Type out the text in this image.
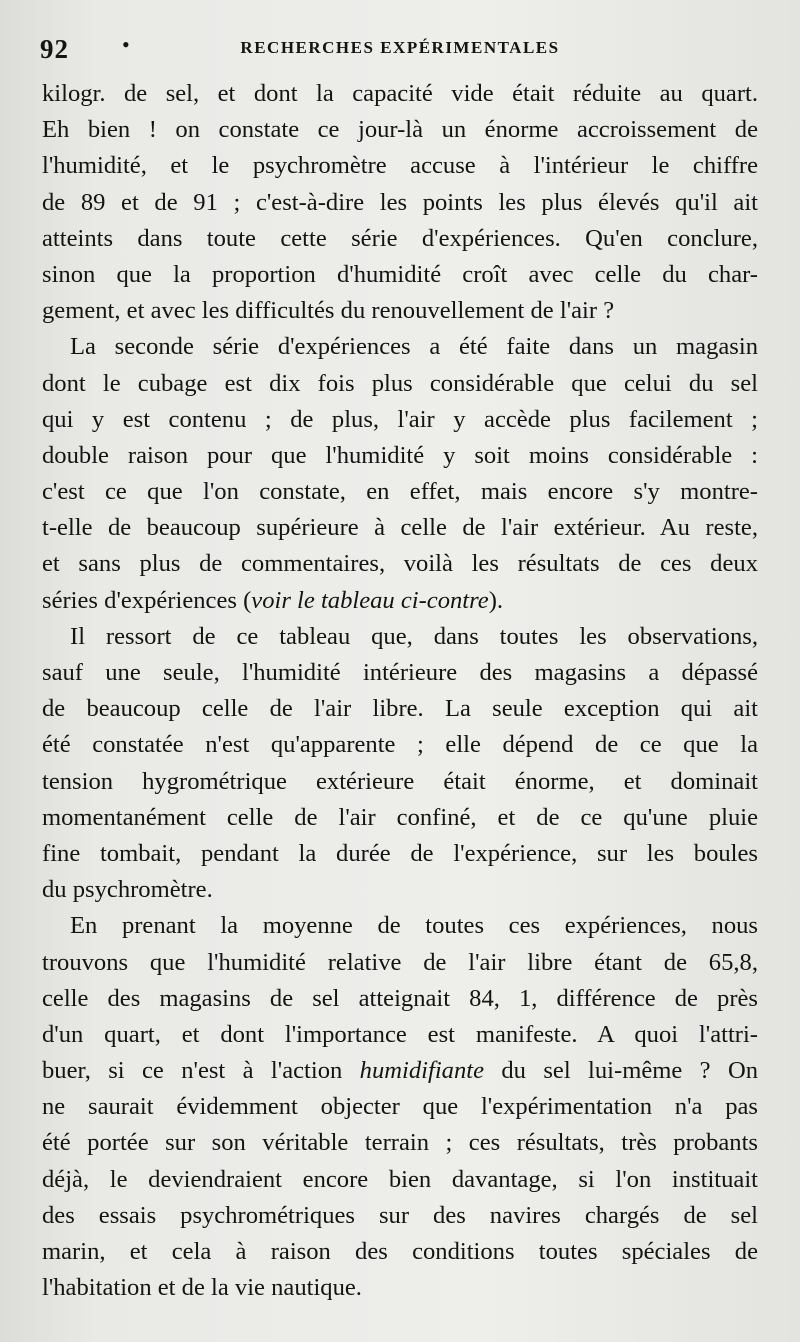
92 •	RECHERCHES EXPÉRIMENTALES
kilogr. de sel, et dont la capacité vide était réduite au quart.
Eh bien ! on constate ce jour-là un énorme accroissement de
l'humidité, et le psychromètre accuse à l'intérieur le chiffre
de 89 et de 91 ; c'est-à-dire les points les plus élevés qu'il ait
atteints dans toute cette série d'expériences. Qu'en conclure,
sinon que la proportion d'humidité croît avec celle du char-
gement, et avec les difficultés du renouvellement de l'air ?
La seconde série d'expériences a été faite dans un magasin
dont le cubage est dix fois plus considérable que celui du sel
qui y est contenu ; de plus, l'air y accède plus facilement ;
double raison pour que l'humidité y soit moins considérable :
c'est ce que l'on constate, en effet, mais encore s'y montre-
t-elle de beaucoup supérieure à celle de l'air extérieur. Au reste,
et sans plus de commentaires, voilà les résultats de ces deux
séries d'expériences (voir le tableau ci-contre).
Il ressort de ce tableau que, dans toutes les observations,
sauf une seule, l'humidité intérieure des magasins a dépassé
de beaucoup celle de l'air libre. La seule exception qui ait
été constatée n'est qu'apparente ; elle dépend de ce que la
tension hygrométrique extérieure était énorme, et dominait
momentanément celle de l'air confiné, et de ce qu'une pluie
fine tombait, pendant la durée de l'expérience, sur les boules
du psychromètre.
En prenant la moyenne de toutes ces expériences, nous
trouvons que l'humidité relative de l'air libre étant de 65,8,
celle des magasins de sel atteignait 84, 1, différence de près
d'un quart, et dont l'importance est manifeste. A quoi l'attri-
buer, si ce n'est à l'action humidifiante du sel lui-même ? On
ne saurait évidemment objecter que l'expérimentation n'a pas
été portée sur son véritable terrain ; ces résultats, très probants
déjà, le deviendraient encore bien davantage, si l'on instituait
des essais psychrométriques sur des navires chargés de sel
marin, et cela à raison des conditions toutes spéciales de
l'habitation et de la vie nautique.
